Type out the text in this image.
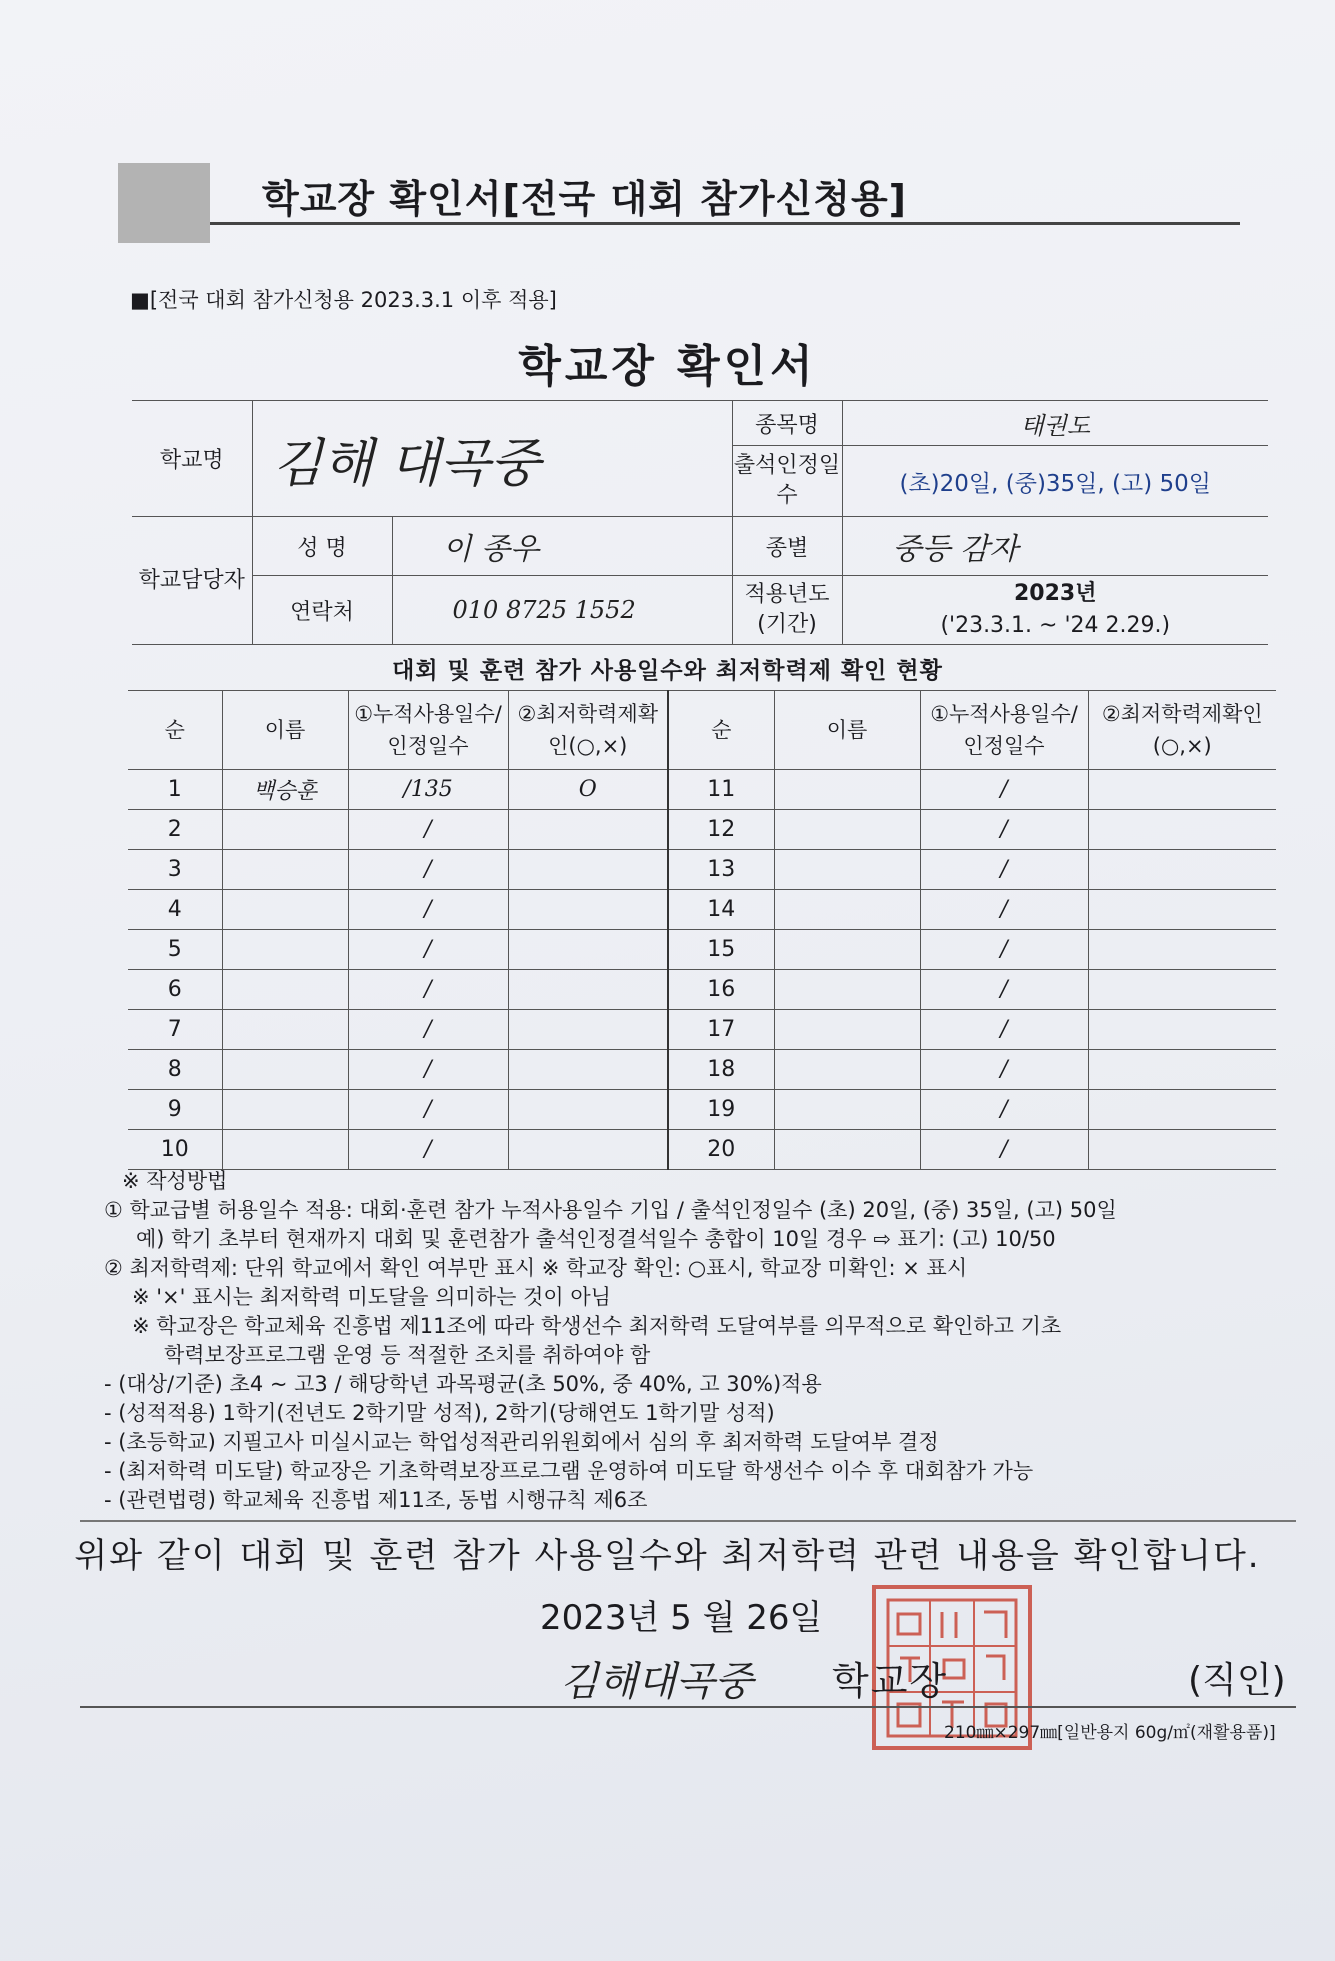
학교장 확인서[전국 대회 참가신청용]
■[전국 대회 참가신청용 2023.3.1 이후 적용]
학교장 확인서
학교명	김해 대곡중		종목명	태권도
			출석인정일수	(초)20일, (중)35일, (고) 50일
학교담당자	성 명	이 종우	종별	중등 감자
	연락처	010 8725 1552	적용년도(기간)	2023년
('23.3.1. ~ '24 2.29.)
대회 및 훈련 참가 사용일수와 최저학력제 확인 현황
순	이름	①누적사용일수/인정일수	②최저학력제확인(○,×)	순	이름	①누적사용일수/인정일수	②최저학력제확인(○,×)
1	백승훈	/135	O	11		/	
2		/		12		/	
3		/		13		/	
4		/		14		/	
5		/		15		/	
6		/		16		/	
7		/		17		/	
8		/		18		/	
9		/		19		/	
10		/		20		/	
※ 작성방법
① 학교급별 허용일수 적용: 대회·훈련 참가 누적사용일수 기입 / 출석인정일수 (초) 20일, (중) 35일, (고) 50일
예) 학기 초부터 현재까지 대회 및 훈련참가 출석인정결석일수 총합이 10일 경우 ⇨ 표기: (고) 10/50
② 최저학력제: 단위 학교에서 확인 여부만 표시 ※ 학교장 확인: ○표시, 학교장 미확인: × 표시
※ '×' 표시는 최저학력 미도달을 의미하는 것이 아님
※ 학교장은 학교체육 진흥법 제11조에 따라 학생선수 최저학력 도달여부를 의무적으로 확인하고 기초
학력보장프로그램 운영 등 적절한 조치를 취하여야 함
- (대상/기준) 초4 ~ 고3 / 해당학년 과목평균(초 50%, 중 40%, 고 30%)적용
- (성적적용) 1학기(전년도 2학기말 성적), 2학기(당해연도 1학기말 성적)
- (초등학교) 지필고사 미실시교는 학업성적관리위원회에서 심의 후 최저학력 도달여부 결정
- (최저학력 미도달) 학교장은 기초학력보장프로그램 운영하여 미도달 학생선수 이수 후 대회참가 가능
- (관련법령) 학교체육 진흥법 제11조, 동법 시행규칙 제6조
위와 같이 대회 및 훈련 참가 사용일수와 최저학력 관련 내용을 확인합니다.
2023년 5 월 26일
김해대곡중 학교장	(직인)
210㎜×297㎜[일반용지 60g/㎡(재활용품)]
